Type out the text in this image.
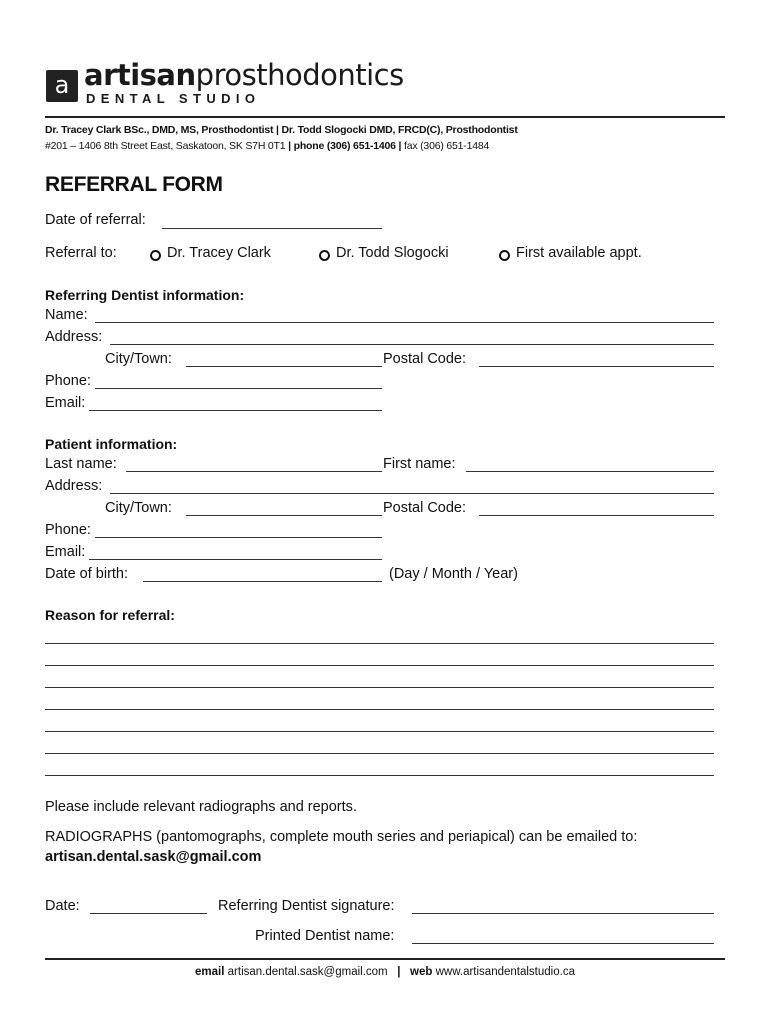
a artisanprosthodontics
DENTAL STUDIO
Dr. Tracey Clark BSc., DMD, MS, Prosthodontist | Dr. Todd Slogocki DMD, FRCD(C), Prosthodontist
#201 – 1406 8th Street East, Saskatoon, SK S7H 0T1 | phone (306) 651-1406 | fax (306) 651-1484
REFERRAL FORM
Date of referral:
Referral to:	Dr. Tracey Clark	Dr. Todd Slogocki	First available appt.
Referring Dentist information:
Name:
Address:
City/Town:	Postal Code:
Phone:
Email:
Patient information:
Last name:	First name:
Address:
City/Town:	Postal Code:
Phone:
Email:
Date of birth:	(Day / Month / Year)
Reason for referral:
Please include relevant radiographs and reports.
RADIOGRAPHS (pantomographs, complete mouth series and periapical) can be emailed to:
artisan.dental.sask@gmail.com
Date:	Referring Dentist signature:
Printed Dentist name:
email artisan.dental.sask@gmail.com | web www.artisandentalstudio.ca
